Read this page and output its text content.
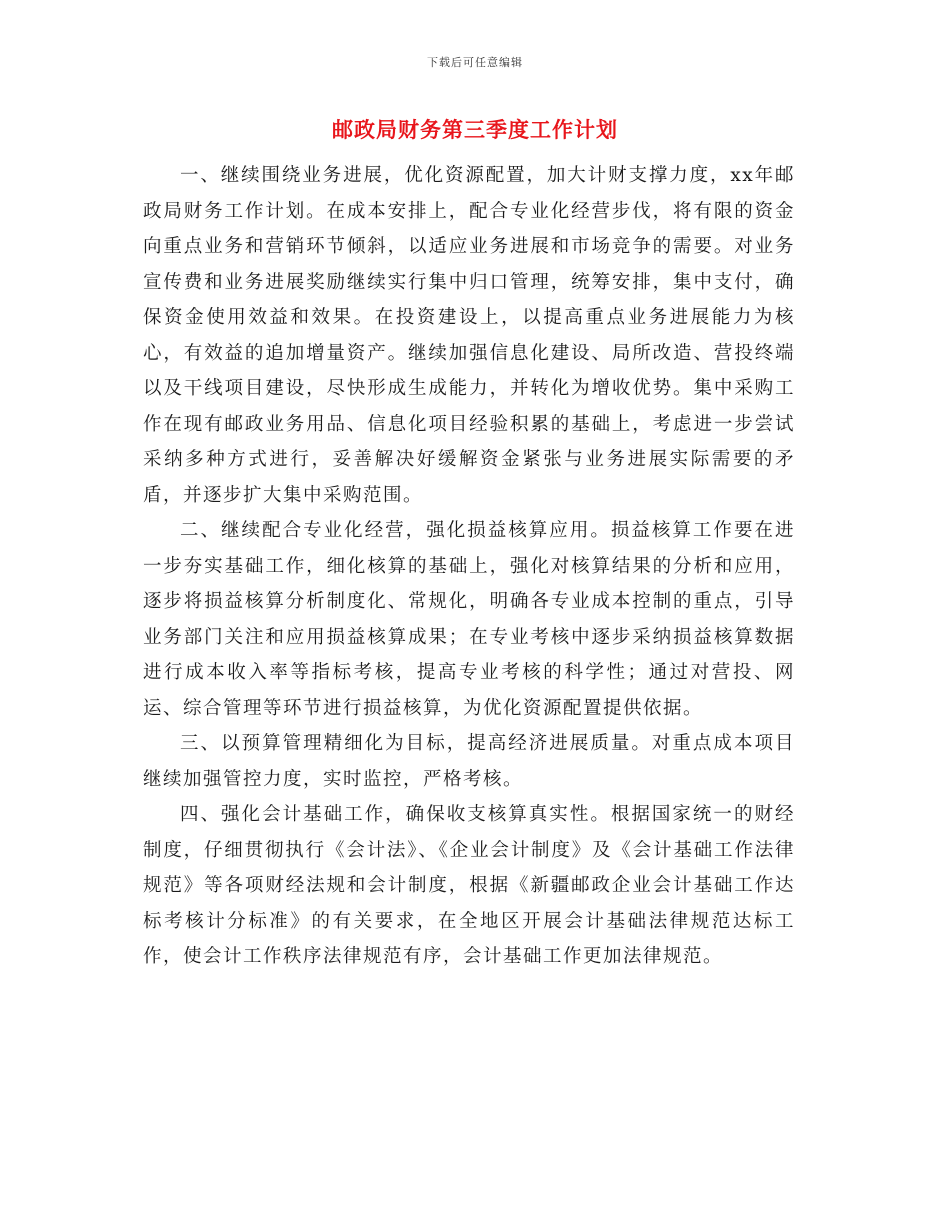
下载后可任意编辑
邮政局财务第三季度工作计划

一、继续围绕业务进展，优化资源配置，加大计财支撑力度，xx年邮政局财务工作计划。在成本安排上，配合专业化经营步伐，将有限的资金向重点业务和营销环节倾斜，以适应业务进展和市场竞争的需要。对业务宣传费和业务进展奖励继续实行集中归口管理，统筹安排，集中支付，确保资金使用效益和效果。在投资建设上，以提高重点业务进展能力为核心，有效益的追加增量资产。继续加强信息化建设、局所改造、营投终端以及干线项目建设，尽快形成生成能力，并转化为增收优势。集中采购工作在现有邮政业务用品、信息化项目经验积累的基础上，考虑进一步尝试采纳多种方式进行，妥善解决好缓解资金紧张与业务进展实际需要的矛盾，并逐步扩大集中采购范围。

二、继续配合专业化经营，强化损益核算应用。损益核算工作要在进一步夯实基础工作，细化核算的基础上，强化对核算结果的分析和应用，逐步将损益核算分析制度化、常规化，明确各专业成本控制的重点，引导业务部门关注和应用损益核算成果；在专业考核中逐步采纳损益核算数据进行成本收入率等指标考核，提高专业考核的科学性；通过对营投、网运、综合管理等环节进行损益核算，为优化资源配置提供依据。

三、以预算管理精细化为目标，提高经济进展质量。对重点成本项目继续加强管控力度，实时监控，严格考核。

四、强化会计基础工作，确保收支核算真实性。根据国家统一的财经制度，仔细贯彻执行《会计法》、《企业会计制度》及《会计基础工作法律规范》等各项财经法规和会计制度，根据《新疆邮政企业会计基础工作达标考核计分标准》的有关要求，在全地区开展会计基础法律规范达标工作，使会计工作秩序法律规范有序，会计基础工作更加法律规范。
